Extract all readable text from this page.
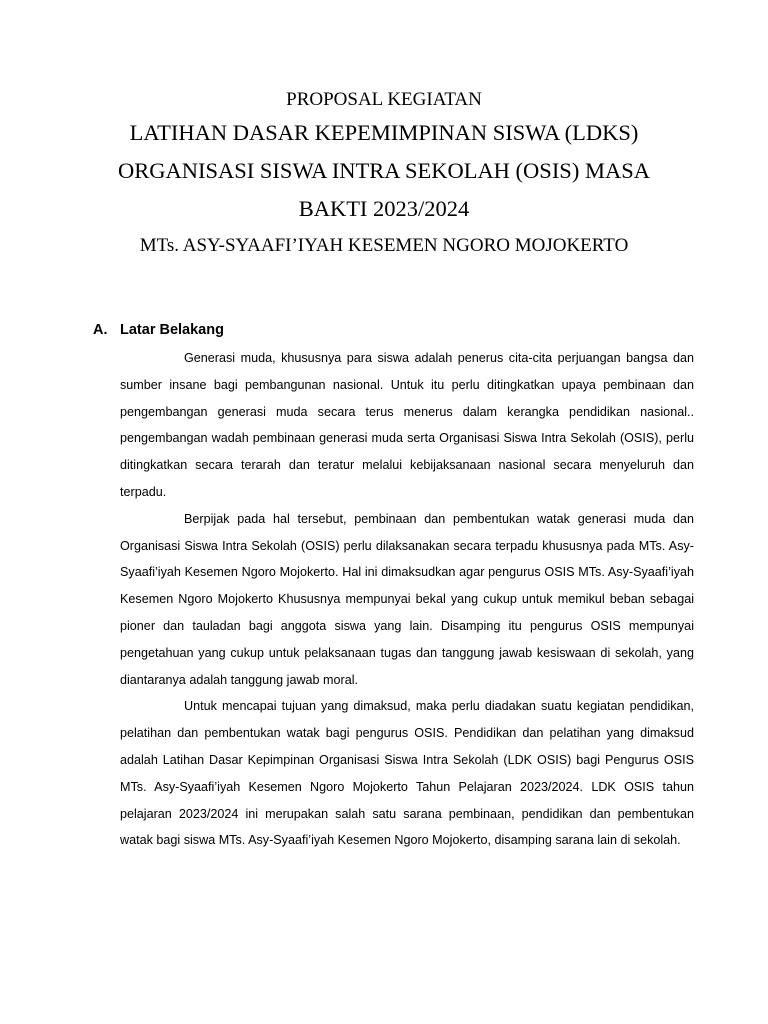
PROPOSAL KEGIATAN
LATIHAN DASAR KEPEMIMPINAN SISWA (LDKS)
ORGANISASI SISWA INTRA SEKOLAH (OSIS) MASA
BAKTI 2023/2024
MTs. ASY-SYAAFI’IYAH KESEMEN NGORO MOJOKERTO
A. Latar Belakang

Generasi muda, khususnya para siswa adalah penerus cita-cita perjuangan bangsa dan sumber insane bagi pembangunan nasional. Untuk itu perlu ditingkatkan upaya pembinaan dan pengembangan generasi muda secara terus menerus dalam kerangka pendidikan nasional.. pengembangan wadah pembinaan generasi muda serta Organisasi Siswa Intra Sekolah (OSIS), perlu ditingkatkan secara terarah dan teratur melalui kebijaksanaan nasional secara menyeluruh dan terpadu.

Berpijak pada hal tersebut, pembinaan dan pembentukan watak generasi muda dan Organisasi Siswa Intra Sekolah (OSIS) perlu dilaksanakan secara terpadu khususnya pada MTs. Asy-Syaafi’iyah Kesemen Ngoro Mojokerto. Hal ini dimaksudkan agar pengurus OSIS MTs. Asy-Syaafi’iyah Kesemen Ngoro Mojokerto Khususnya mempunyai bekal yang cukup untuk memikul beban sebagai pioner dan tauladan bagi anggota siswa yang lain. Disamping itu pengurus OSIS mempunyai pengetahuan yang cukup untuk pelaksanaan tugas dan tanggung jawab kesiswaan di sekolah, yang diantaranya adalah tanggung jawab moral.

Untuk mencapai tujuan yang dimaksud, maka perlu diadakan suatu kegiatan pendidikan, pelatihan dan pembentukan watak bagi pengurus OSIS. Pendidikan dan pelatihan yang dimaksud adalah Latihan Dasar Kepimpinan Organisasi Siswa Intra Sekolah (LDK OSIS) bagi Pengurus OSIS MTs. Asy-Syaafi’iyah Kesemen Ngoro Mojokerto Tahun Pelajaran 2023/2024. LDK OSIS tahun pelajaran 2023/2024 ini merupakan salah satu sarana pembinaan, pendidikan dan pembentukan watak bagi siswa MTs. Asy-Syaafi’iyah Kesemen Ngoro Mojokerto, disamping sarana lain di sekolah.
